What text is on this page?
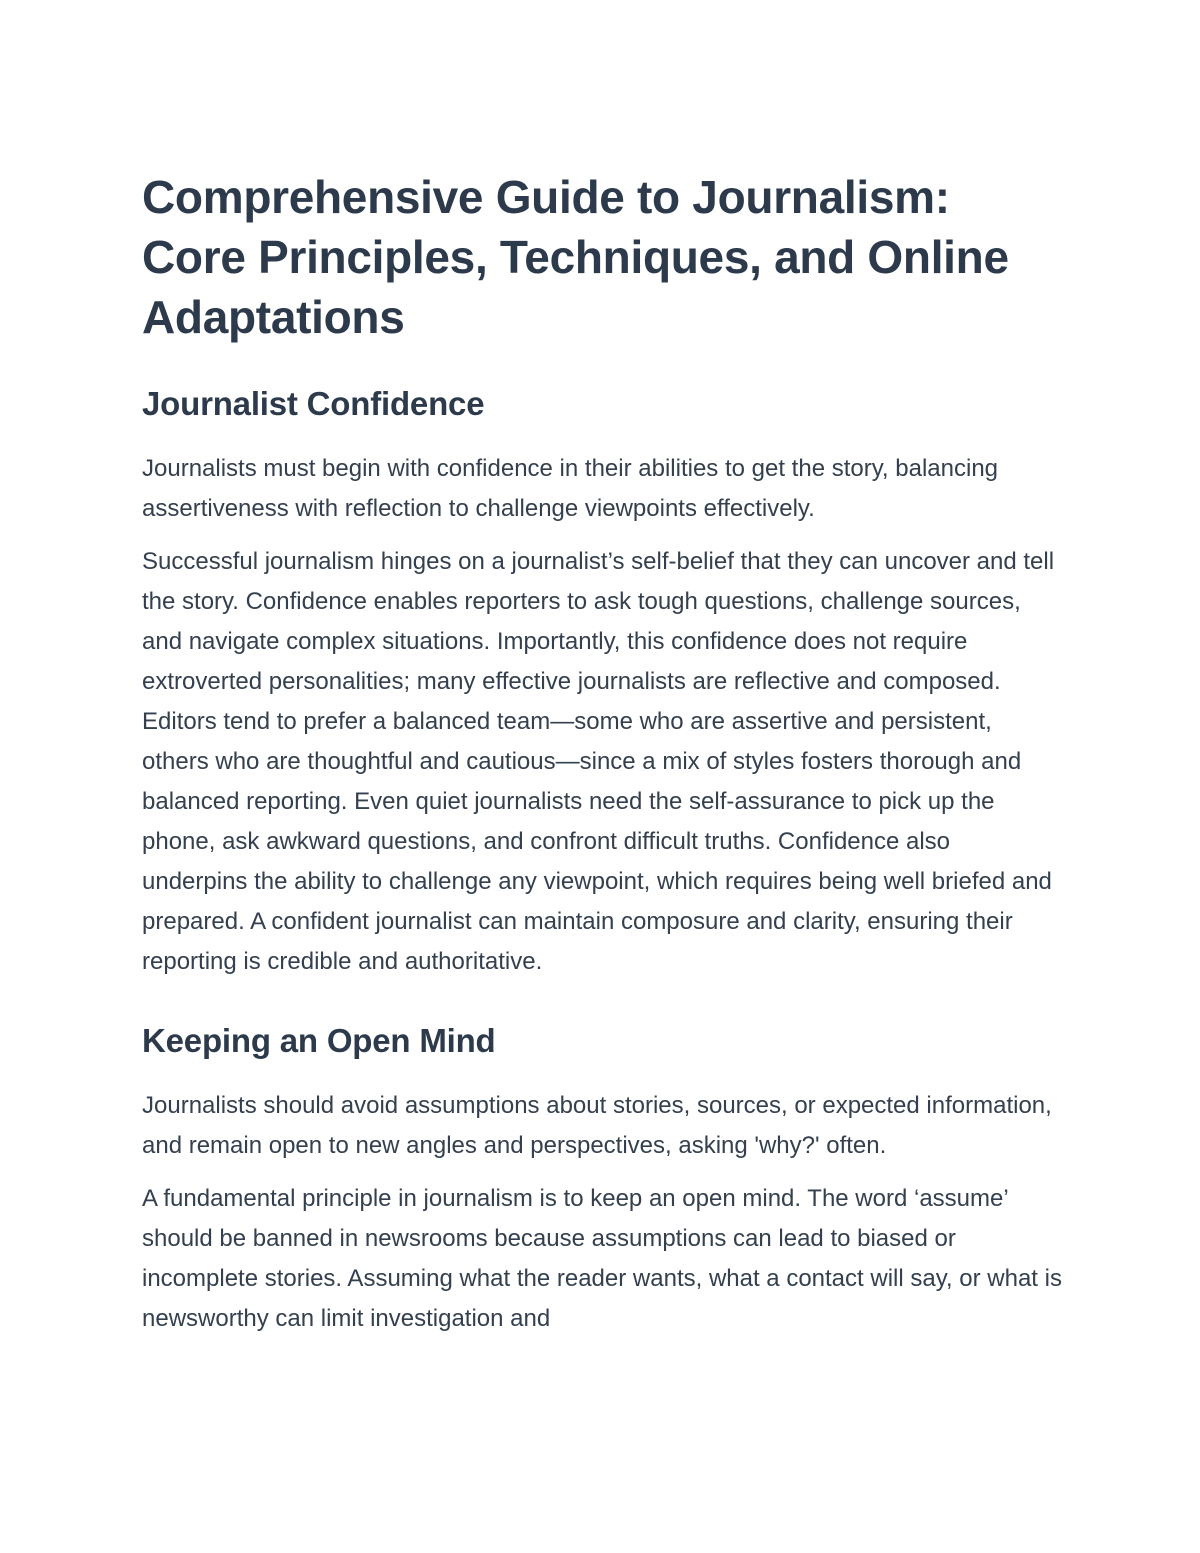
Comprehensive Guide to Journalism: Core Principles, Techniques, and Online Adaptations
Journalist Confidence

Journalists must begin with confidence in their abilities to get the story, balancing assertiveness with reflection to challenge viewpoints effectively.

Successful journalism hinges on a journalist’s self-belief that they can uncover and tell the story. Confidence enables reporters to ask tough questions, challenge sources, and navigate complex situations. Importantly, this confidence does not require extroverted personalities; many effective journalists are reflective and composed. Editors tend to prefer a balanced team—some who are assertive and persistent, others who are thoughtful and cautious—since a mix of styles fosters thorough and balanced reporting. Even quiet journalists need the self-assurance to pick up the phone, ask awkward questions, and confront difficult truths. Confidence also underpins the ability to challenge any viewpoint, which requires being well briefed and prepared. A confident journalist can maintain composure and clarity, ensuring their reporting is credible and authoritative.

Keeping an Open Mind

Journalists should avoid assumptions about stories, sources, or expected information, and remain open to new angles and perspectives, asking 'why?' often.

A fundamental principle in journalism is to keep an open mind. The word ‘assume’ should be banned in newsrooms because assumptions can lead to biased or incomplete stories. Assuming what the reader wants, what a contact will say, or what is newsworthy can limit investigation and
